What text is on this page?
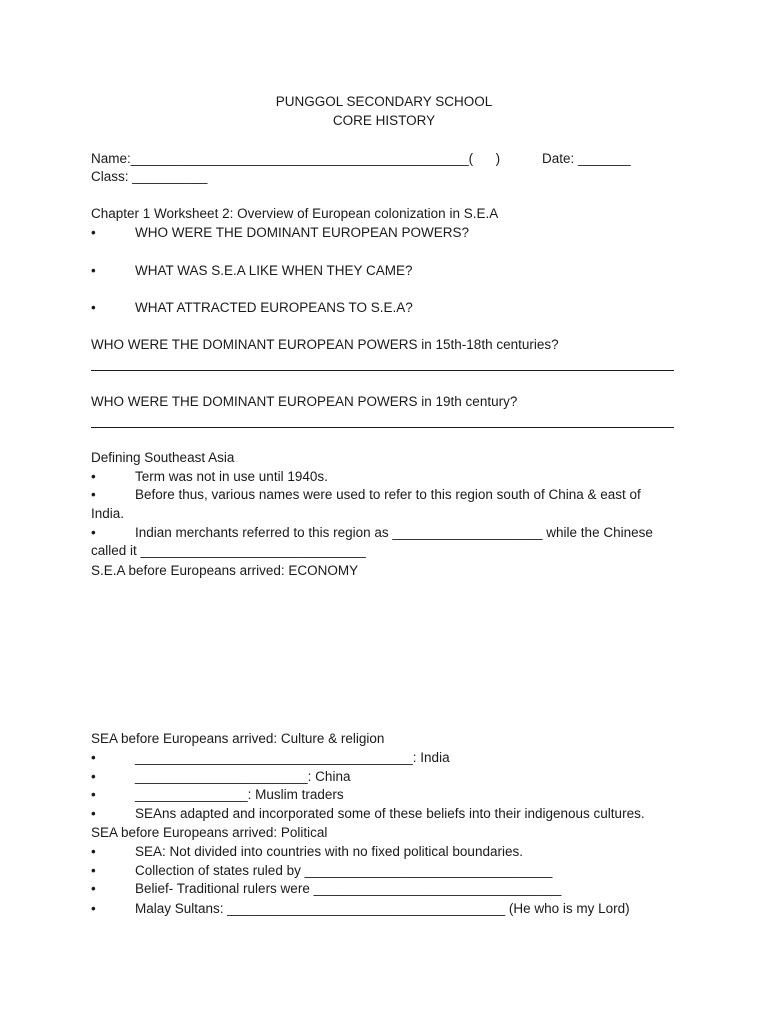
PUNGGOL SECONDARY SCHOOL
CORE HISTORY
Name:_____________________________________________(      )	Date: _______
Class: __________
Chapter 1 Worksheet 2: Overview of European colonization in S.E.A
•	WHO WERE THE DOMINANT EUROPEAN POWERS?
•	WHAT WAS S.E.A LIKE WHEN THEY CAME?
•	WHAT ATTRACTED EUROPEANS TO S.E.A?
WHO WERE THE DOMINANT EUROPEAN POWERS in 15th-18th centuries?
WHO WERE THE DOMINANT EUROPEAN POWERS in 19th century?
Defining Southeast Asia
•	Term was not in use until 1940s.
•	Before thus, various names were used to refer to this region south of China & east of
India.
•	Indian merchants referred to this region as ____________________ while the Chinese
called it ______________________________
S.E.A before Europeans arrived: ECONOMY
SEA before Europeans arrived: Culture & religion
•	_____________________________________: India
•	_______________________: China
•	_______________: Muslim traders
•	SEAns adapted and incorporated some of these beliefs into their indigenous cultures.
SEA before Europeans arrived: Political
•	SEA: Not divided into countries with no fixed political boundaries.
•	Collection of states ruled by _________________________________
•	Belief- Traditional rulers were _________________________________
•	Malay Sultans: _____________________________________ (He who is my Lord)
